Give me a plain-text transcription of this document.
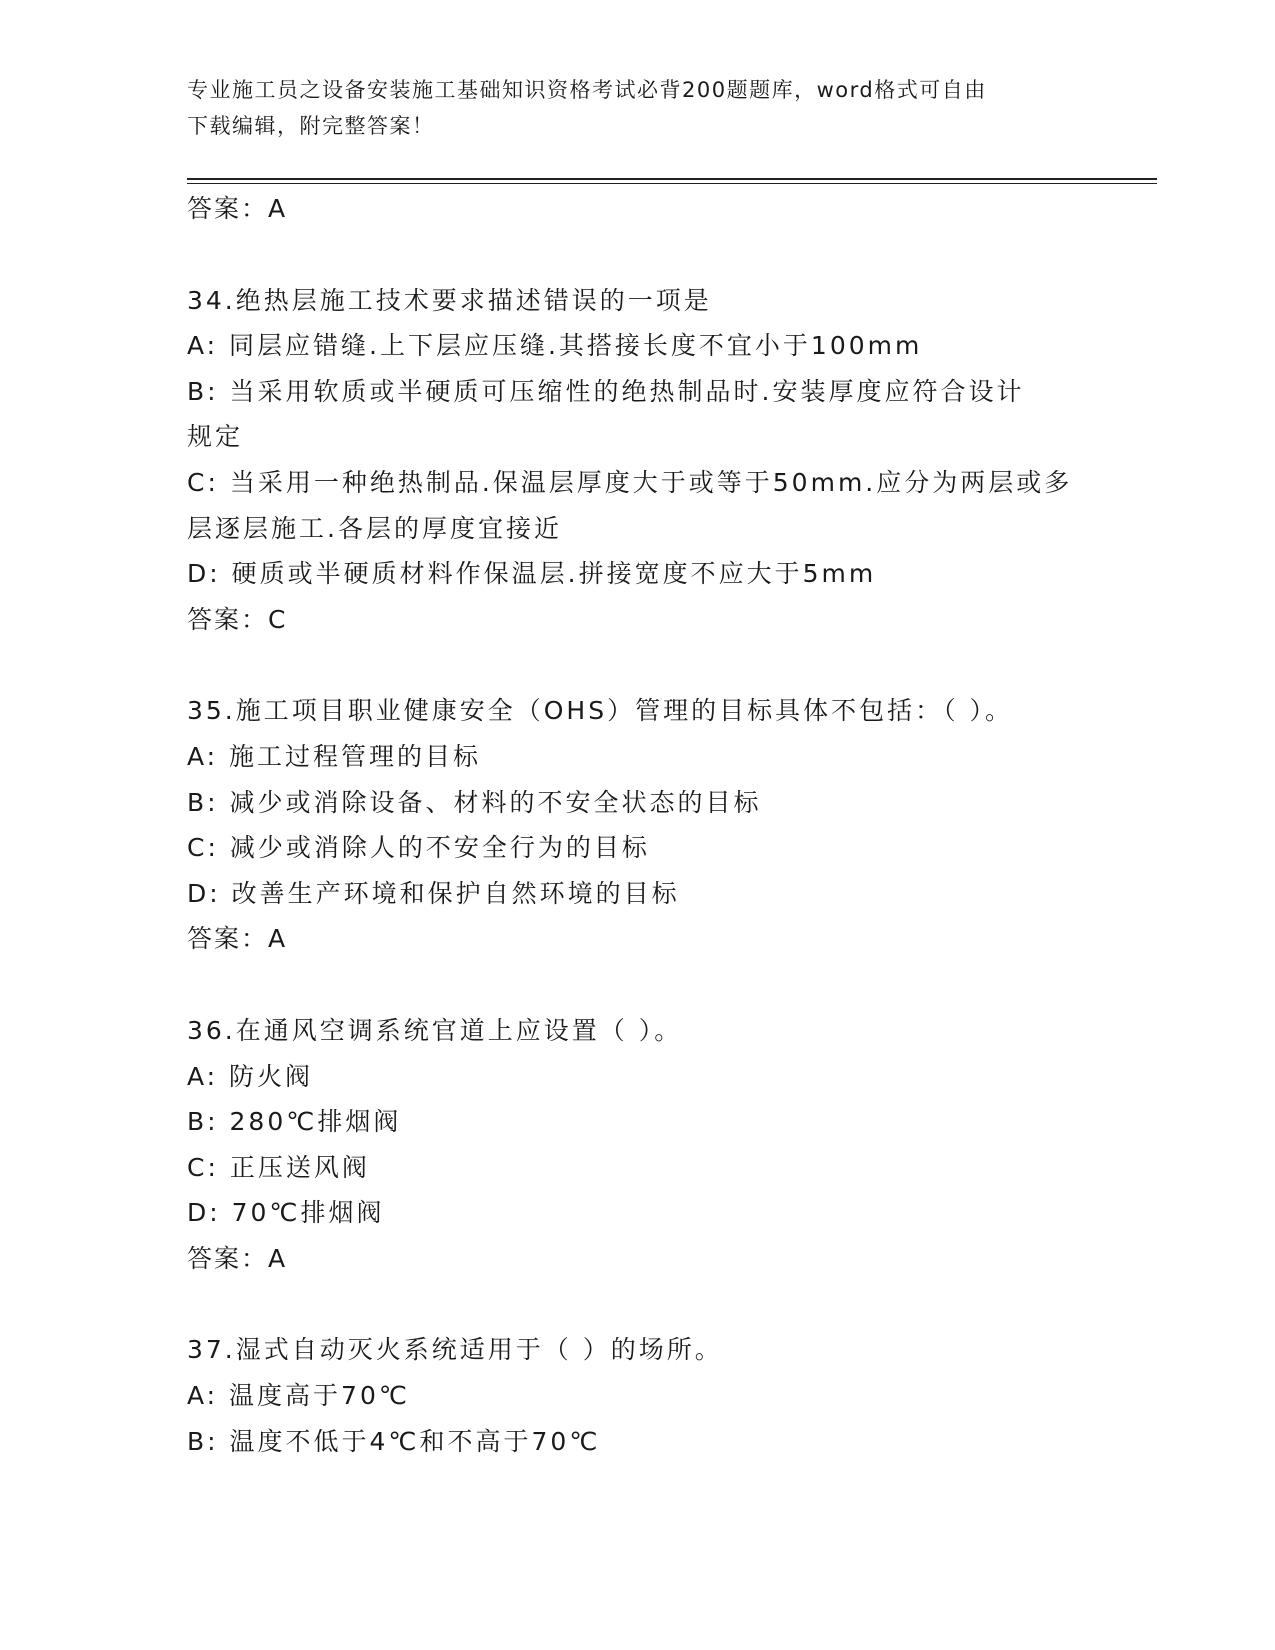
专业施工员之设备安装施工基础知识资格考试必背200题题库，word格式可自由
下载编辑，附完整答案！
答案：A
34.绝热层施工技术要求描述错误的一项是
A: 同层应错缝.上下层应压缝.其搭接长度不宜小于100mm
B: 当采用软质或半硬质可压缩性的绝热制品时.安装厚度应符合设计
规定
C: 当采用一种绝热制品.保温层厚度大于或等于50mm.应分为两层或多
层逐层施工.各层的厚度宜接近
D: 硬质或半硬质材料作保温层.拼接宽度不应大于5mm
答案：C
35.施工项目职业健康安全（OHS）管理的目标具体不包括：（ ）。
A: 施工过程管理的目标
B: 减少或消除设备、材料的不安全状态的目标
C: 减少或消除人的不安全行为的目标
D: 改善生产环境和保护自然环境的目标
答案：A
36.在通风空调系统官道上应设置（ ）。
A: 防火阀
B: 280℃排烟阀
C: 正压送风阀
D: 70℃排烟阀
答案：A
37.湿式自动灭火系统适用于（ ）的场所。
A: 温度高于70℃
B: 温度不低于4℃和不高于70℃
